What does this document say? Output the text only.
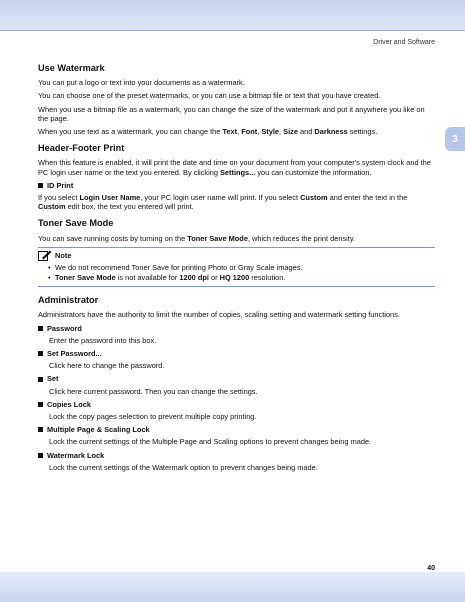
Driver and Software
3
Use Watermark

You can put a logo or text into your documents as a watermark.

You can choose one of the preset watermarks, or you can use a bitmap file or text that you have created.

When you use a bitmap file as a watermark, you can change the size of the watermark and put it anywhere you like on the page.

When you use text as a watermark, you can change the Text, Font, Style, Size and Darkness settings.

Header-Footer Print

When this feature is enabled, it will print the date and time on your document from your computer's system clock and the PC login user name or the text you entered. By clicking Settings... you can customize the information.

ID Print

If you select Login User Name, your PC login user name will print. If you select Custom and enter the text in the Custom edit box, the text you entered will print.

Toner Save Mode

You can save running costs by turning on the Toner Save Mode, which reduces the print density.

Note
• We do not recommend Toner Save for printing Photo or Gray Scale images.
• Toner Save Mode is not available for 1200 dpi or HQ 1200 resolution.
Administrator

Administrators have the authority to limit the number of copies, scaling setting and watermark setting functions.

Password

Enter the password into this box.

Set Password...

Click here to change the password.

Set

Click here current password. Then you can change the settings.

Copies Lock

Lock the copy pages selection to prevent multiple copy printing.

Multiple Page & Scaling Lock

Lock the current settings of the Multiple Page and Scaling options to prevent changes being made.

Watermark Lock

Lock the current settings of the Watermark option to prevent changes being made.

40
